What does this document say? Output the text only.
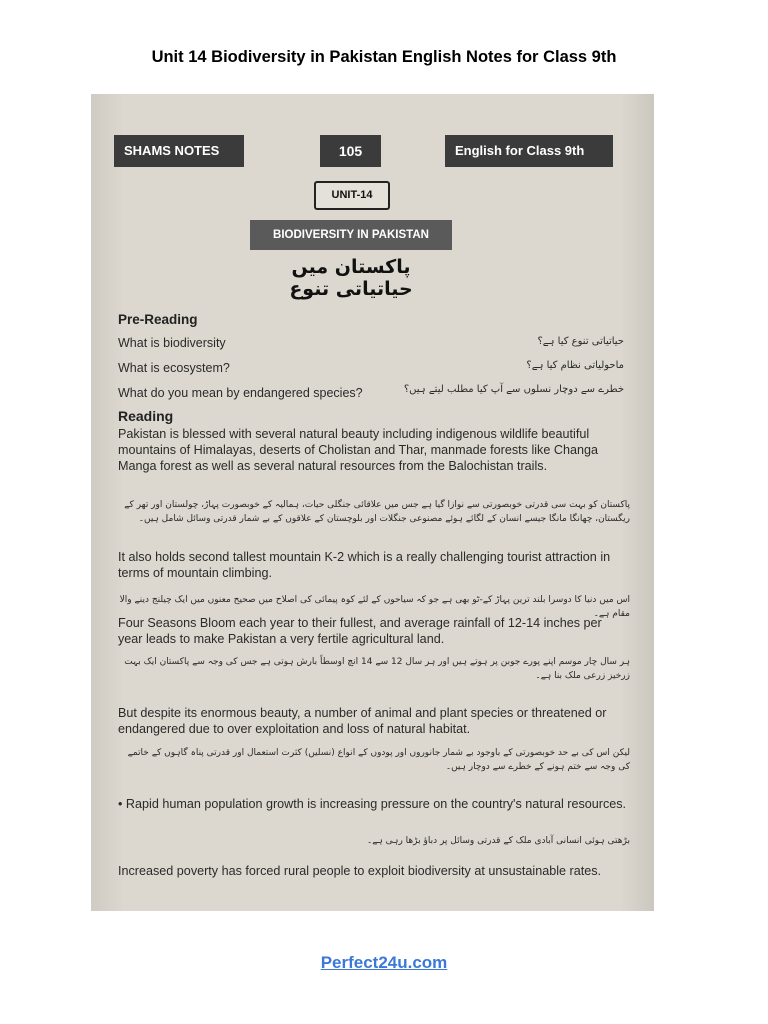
Unit 14 Biodiversity in Pakistan English Notes for Class 9th
SHAMS NOTES	105	English for Class 9th
UNIT-14
BIODIVERSITY IN PAKISTAN
پاکستان میں حیاتیاتی تنوع
Pre-Reading
What is biodiversity	حیاتیاتی تنوع کیا ہے؟
What is ecosystem?	ماحولیاتی نظام کیا ہے؟
What do you mean by endangered species?	خطرے سے دوچار نسلوں سے آپ کیا مطلب لیتے ہیں؟
Reading
Pakistan is blessed with several natural beauty including indigenous wildlife beautiful mountains of Himalayas, deserts of Cholistan and Thar, manmade forests like Changa Manga forest as well as several natural resources from the Balochistan trails.
پاکستان کو بہت سی قدرتی خوبصورتی سے نوازا گیا ہے جس میں علاقائی جنگلی حیات، ہمالیہ کے خوبصورت پہاڑ، چولستان اور تھر کے ریگستان، چھانگا مانگا جیسے انسان کے لگائے ہوئے مصنوعی جنگلات اور بلوچستان کے علاقوں کے بے شمار قدرتی وسائل شامل ہیں۔
It also holds second tallest mountain K-2 which is a really challenging tourist attraction in terms of mountain climbing.
اس میں دنیا کا دوسرا بلند ترین پہاڑ کے-ٹو بھی ہے جو کہ سیاحوں کے لئے کوہ پیمائی کی اصلاح میں صحیح معنوں میں ایک چیلنج دینے والا مقام ہے۔
Four Seasons Bloom each year to their fullest, and average rainfall of 12-14 inches per year leads to make Pakistan a very fertile agricultural land.
ہر سال چار موسم اپنے پورے جوبن پر ہوتے ہیں اور ہر سال 12 سے 14 انچ اوسطاً بارش ہوتی ہے جس کی وجہ سے پاکستان ایک بہت زرخیز زرعی ملک بنا ہے۔
But despite its enormous beauty, a number of animal and plant species or threatened or endangered due to over exploitation and loss of natural habitat.
لیکن اس کی بے حد خوبصورتی کے باوجود بے شمار جانوروں اور پودوں کے انواع (نسلیں) کثرت استعمال اور قدرتی پناہ گاہوں کے خاتمے کی وجہ سے ختم ہونے کے خطرے سے دوچار ہیں۔
• Rapid human population growth is increasing pressure on the country's natural resources.
بڑھتی ہوئی انسانی آبادی ملک کے قدرتی وسائل پر دباؤ بڑھا رہی ہے۔
Increased poverty has forced rural people to exploit biodiversity at unsustainable rates.
Perfect24u.com
